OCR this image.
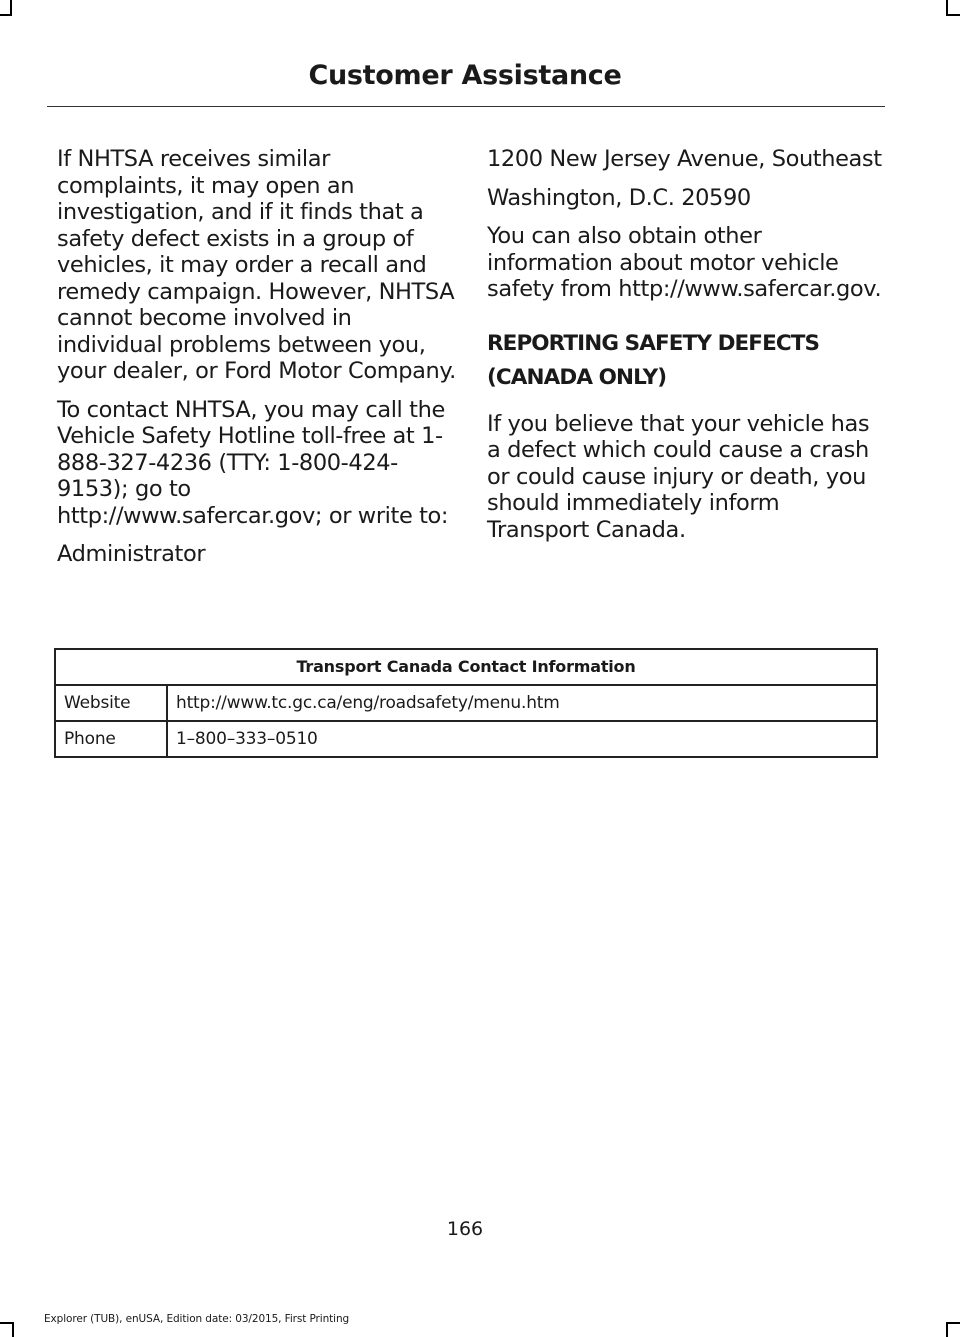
Customer Assistance

If NHTSA receives similar complaints, it may open an investigation, and if it finds that a safety defect exists in a group of vehicles, it may order a recall and remedy campaign. However, NHTSA cannot become involved in individual problems between you, your dealer, or Ford Motor Company.

To contact NHTSA, you may call the Vehicle Safety Hotline toll-free at 1-888-327-4236 (TTY: 1-800-424-9153); go to http://www.safercar.gov; or write to:

Administrator

1200 New Jersey Avenue, Southeast

Washington, D.C. 20590

You can also obtain other information about motor vehicle safety from http://www.safercar.gov.

REPORTING SAFETY DEFECTS
(CANADA ONLY)

If you believe that your vehicle has a defect which could cause a crash or could cause injury or death, you should immediately inform Transport Canada.

Transport Canada Contact Information	
Website	http://www.tc.gc.ca/eng/roadsafety/menu.htm
Phone	1–800–333–0510
166
Explorer (TUB), enUSA, Edition date: 03/2015, First Printing
